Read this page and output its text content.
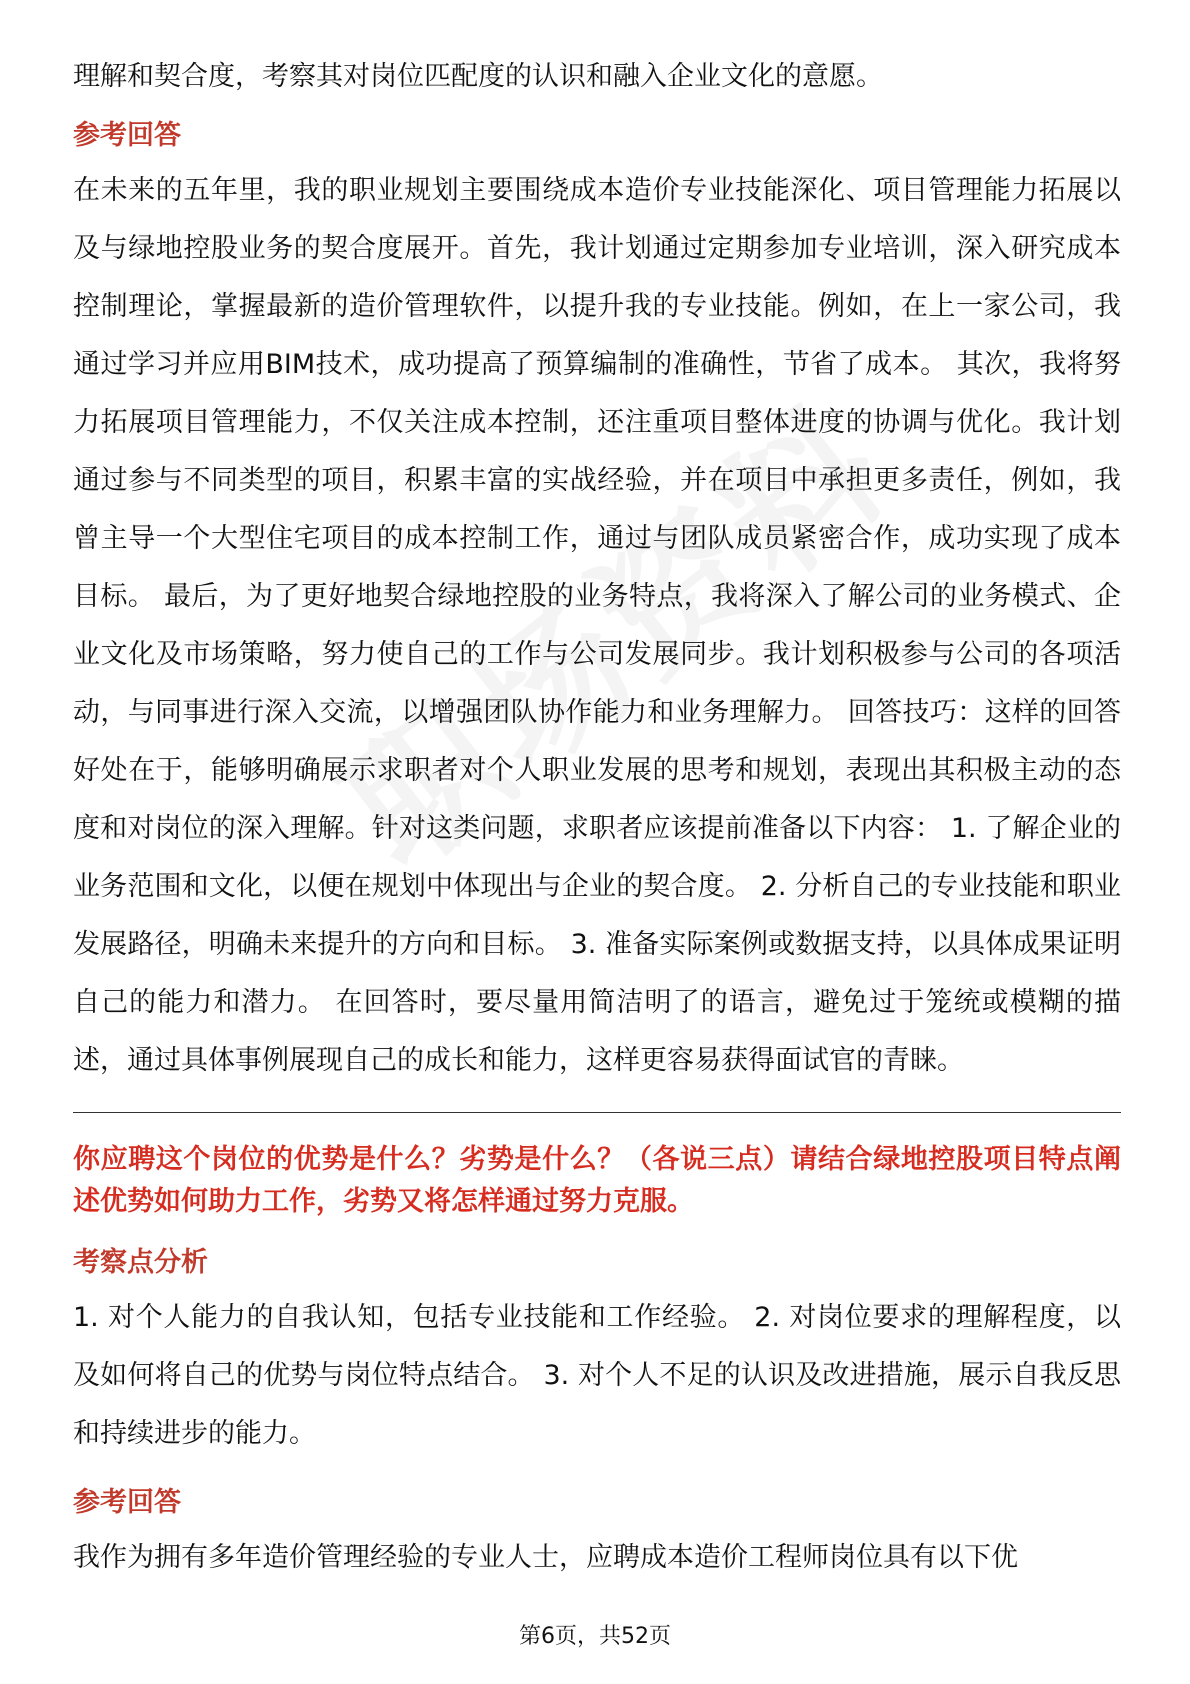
理解和契合度，考察其对岗位匹配度的认识和融入企业文化的意愿。

参考回答

在未来的五年里，我的职业规划主要围绕成本造价专业技能深化、项目管理能力拓展以及与绿地控股业务的契合度展开。首先，我计划通过定期参加专业培训，深入研究成本控制理论，掌握最新的造价管理软件，以提升我的专业技能。例如，在上一家公司，我通过学习并应用BIM技术，成功提高了预算编制的准确性，节省了成本。 其次，我将努力拓展项目管理能力，不仅关注成本控制，还注重项目整体进度的协调与优化。我计划通过参与不同类型的项目，积累丰富的实战经验，并在项目中承担更多责任，例如，我曾主导一个大型住宅项目的成本控制工作，通过与团队成员紧密合作，成功实现了成本目标。 最后，为了更好地契合绿地控股的业务特点，我将深入了解公司的业务模式、企业文化及市场策略，努力使自己的工作与公司发展同步。我计划积极参与公司的各项活动，与同事进行深入交流，以增强团队协作能力和业务理解力。 回答技巧：这样的回答好处在于，能够明确展示求职者对个人职业发展的思考和规划，表现出其积极主动的态度和对岗位的深入理解。针对这类问题，求职者应该提前准备以下内容： 1. 了解企业的业务范围和文化，以便在规划中体现出与企业的契合度。 2. 分析自己的专业技能和职业发展路径，明确未来提升的方向和目标。 3. 准备实际案例或数据支持，以具体成果证明自己的能力和潜力。 在回答时，要尽量用简洁明了的语言，避免过于笼统或模糊的描述，通过具体事例展现自己的成长和能力，这样更容易获得面试官的青睐。

你应聘这个岗位的优势是什么？劣势是什么？（各说三点）请结合绿地控股项目特点阐述优势如何助力工作，劣势又将怎样通过努力克服。

考察点分析

1. 对个人能力的自我认知，包括专业技能和工作经验。 2. 对岗位要求的理解程度，以及如何将自己的优势与岗位特点结合。 3. 对个人不足的认识及改进措施，展示自我反思和持续进步的能力。

参考回答

我作为拥有多年造价管理经验的专业人士，应聘成本造价工程师岗位具有以下优

第6页，共52页
